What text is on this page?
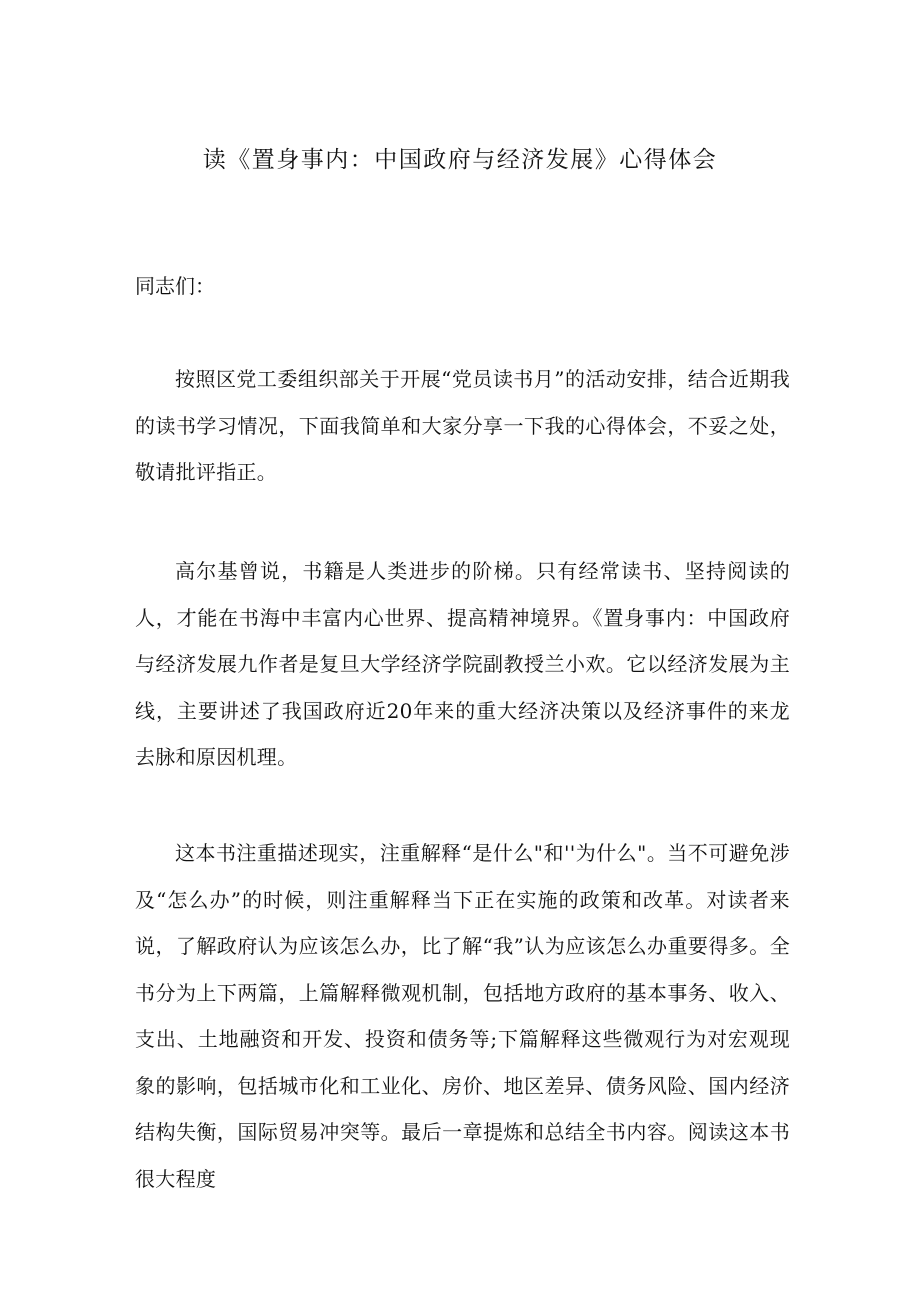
读《置身事内：中国政府与经济发展》心得体会

同志们：

按照区党工委组织部关于开展“党员读书月”的活动安排，结合近期我的读书学习情况，下面我简单和大家分享一下我的心得体会，不妥之处，敬请批评指正。

高尔基曾说，书籍是人类进步的阶梯。只有经常读书、坚持阅读的人，才能在书海中丰富内心世界、提高精神境界。《置身事内：中国政府与经济发展九作者是复旦大学经济学院副教授兰小欢。它以经济发展为主线，主要讲述了我国政府近20年来的重大经济决策以及经济事件的来龙去脉和原因机理。

这本书注重描述现实，注重解释“是什么"和''为什么"。当不可避免涉及“怎么办”的时候，则注重解释当下正在实施的政策和改革。对读者来说，了解政府认为应该怎么办，比了解“我”认为应该怎么办重要得多。全书分为上下两篇，上篇解释微观机制，包括地方政府的基本事务、收入、支出、土地融资和开发、投资和债务等;下篇解释这些微观行为对宏观现象的影响，包括城市化和工业化、房价、地区差异、债务风险、国内经济结构失衡，国际贸易冲突等。最后一章提炼和总结全书内容。阅读这本书很大程度
